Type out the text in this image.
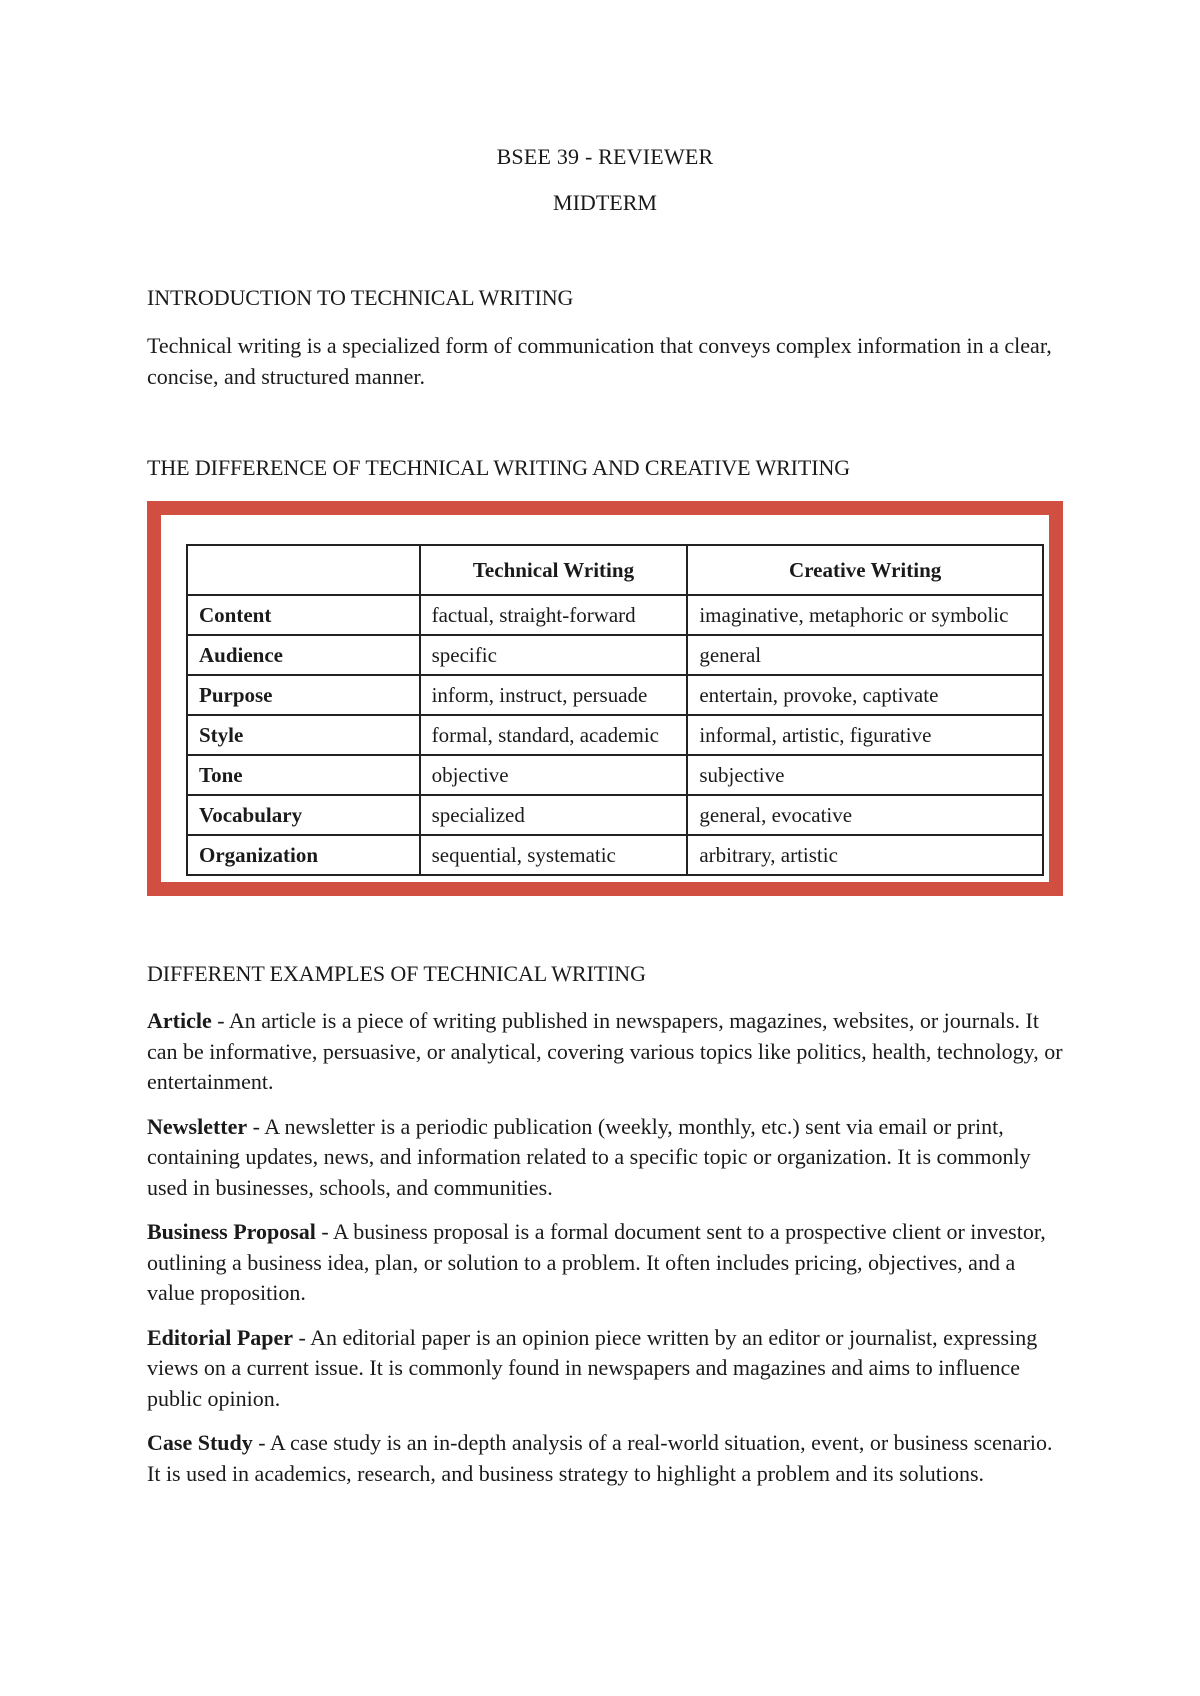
BSEE 39 - REVIEWER
MIDTERM
INTRODUCTION TO TECHNICAL WRITING

Technical writing is a specialized form of communication that conveys complex information in a clear, concise, and structured manner.

THE DIFFERENCE OF TECHNICAL WRITING AND CREATIVE WRITING
	Technical Writing	Creative Writing
Content	factual, straight-forward	imaginative, metaphoric or symbolic
Audience	specific	general
Purpose	inform, instruct, persuade	entertain, provoke, captivate
Style	formal, standard, academic	informal, artistic, figurative
Tone	objective	subjective
Vocabulary	specialized	general, evocative
Organization	sequential, systematic	arbitrary, artistic
DIFFERENT EXAMPLES OF TECHNICAL WRITING

Article - An article is a piece of writing published in newspapers, magazines, websites, or journals. It can be informative, persuasive, or analytical, covering various topics like politics, health, technology, or entertainment.

Newsletter - A newsletter is a periodic publication (weekly, monthly, etc.) sent via email or print, containing updates, news, and information related to a specific topic or organization. It is commonly used in businesses, schools, and communities.

Business Proposal - A business proposal is a formal document sent to a prospective client or investor, outlining a business idea, plan, or solution to a problem. It often includes pricing, objectives, and a value proposition.

Editorial Paper - An editorial paper is an opinion piece written by an editor or journalist, expressing views on a current issue. It is commonly found in newspapers and magazines and aims to influence public opinion.

Case Study - A case study is an in-depth analysis of a real-world situation, event, or business scenario. It is used in academics, research, and business strategy to highlight a problem and its solutions.
